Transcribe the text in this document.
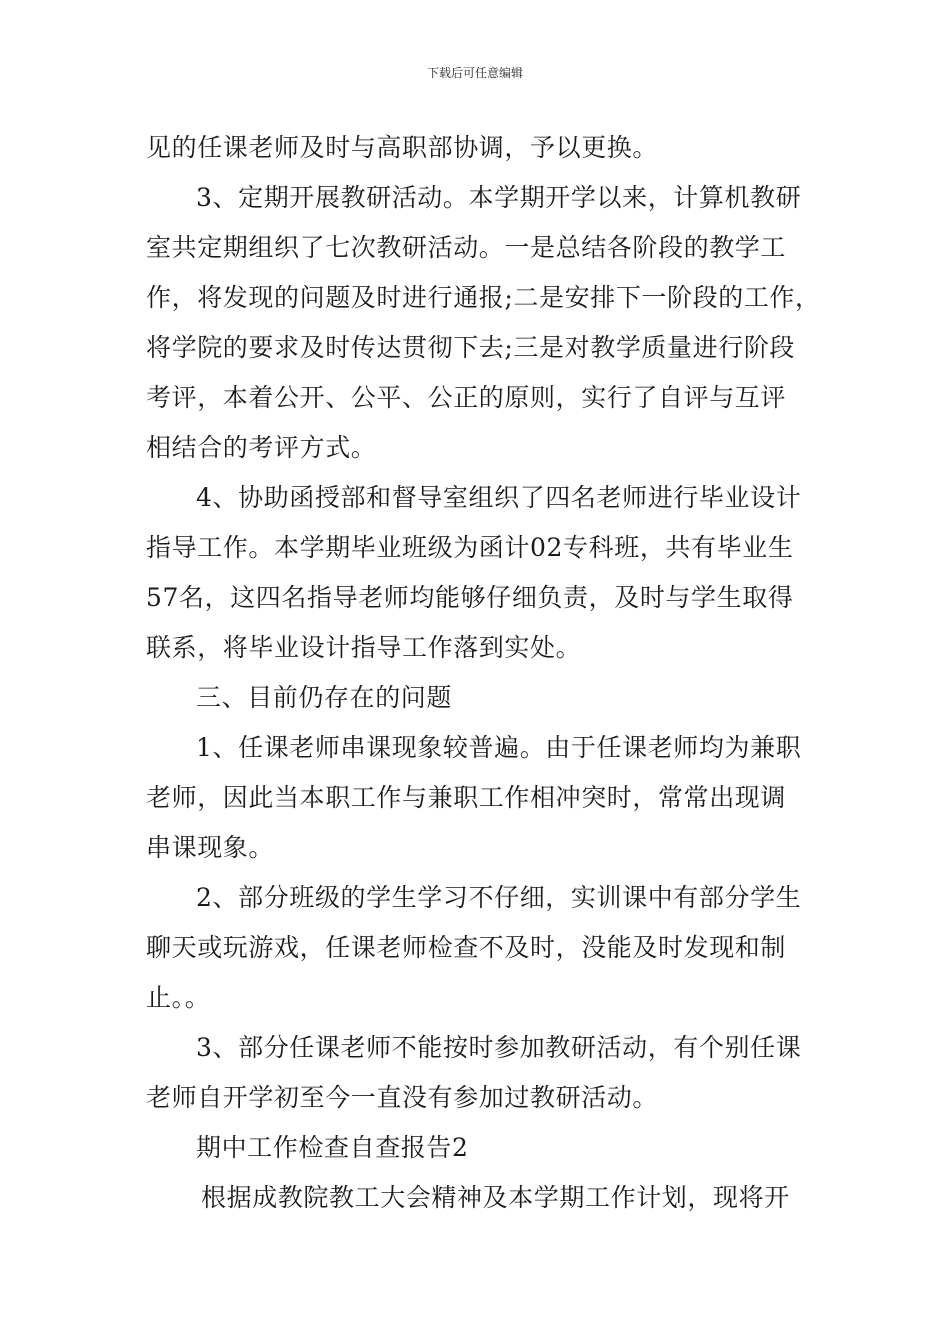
下载后可任意编辑
见的任课老师及时与高职部协调，予以更换。
3、定期开展教研活动。本学期开学以来，计算机教研
室共定期组织了七次教研活动。一是总结各阶段的教学工
作，将发现的问题及时进行通报;二是安排下一阶段的工作，
将学院的要求及时传达贯彻下去;三是对教学质量进行阶段
考评，本着公开、公平、公正的原则，实行了自评与互评
相结合的考评方式。
4、协助函授部和督导室组织了四名老师进行毕业设计
指导工作。本学期毕业班级为函计02专科班，共有毕业生
57名，这四名指导老师均能够仔细负责，及时与学生取得
联系，将毕业设计指导工作落到实处。
三、目前仍存在的问题
1、任课老师串课现象较普遍。由于任课老师均为兼职
老师，因此当本职工作与兼职工作相冲突时，常常出现调
串课现象。
2、部分班级的学生学习不仔细，实训课中有部分学生
聊天或玩游戏，任课老师检查不及时，没能及时发现和制
止。。
3、部分任课老师不能按时参加教研活动，有个别任课
老师自开学初至今一直没有参加过教研活动。
期中工作检查自查报告2
根据成教院教工大会精神及本学期工作计划，现将开
